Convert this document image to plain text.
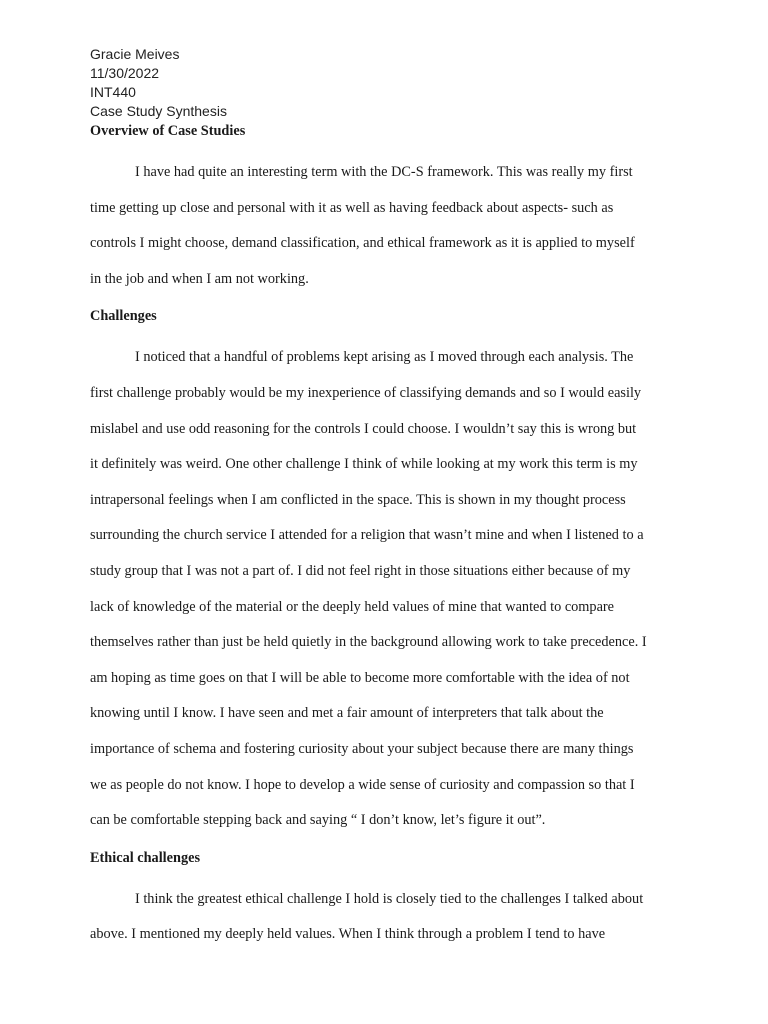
Gracie Meives
11/30/2022
INT440
Case Study Synthesis
Overview of Case Studies
I have had quite an interesting term with the DC-S framework. This was really my first
time getting up close and personal with it as well as having feedback about aspects- such as
controls I might choose, demand classification, and ethical framework as it is applied to myself
in the job and when I am not working.
Challenges
I noticed that a handful of problems kept arising as I moved through each analysis. The
first challenge probably would be my inexperience of classifying demands and so I would easily
mislabel and use odd reasoning for the controls I could choose. I wouldn’t say this is wrong but
it definitely was weird. One other challenge I think of while looking at my work this term is my
intrapersonal feelings when I am conflicted in the space. This is shown in my thought process
surrounding the church service I attended for a religion that wasn’t mine and when I listened to a
study group that I was not a part of. I did not feel right in those situations either because of my
lack of knowledge of the material or the deeply held values of mine that wanted to compare
themselves rather than just be held quietly in the background allowing work to take precedence. I
am hoping as time goes on that I will be able to become more comfortable with the idea of not
knowing until I know. I have seen and met a fair amount of interpreters that talk about the
importance of schema and fostering curiosity about your subject because there are many things
we as people do not know. I hope to develop a wide sense of curiosity and compassion so that I
can be comfortable stepping back and saying “ I don’t know, let’s figure it out”.
Ethical challenges
I think the greatest ethical challenge I hold is closely tied to the challenges I talked about
above. I mentioned my deeply held values. When I think through a problem I tend to have
